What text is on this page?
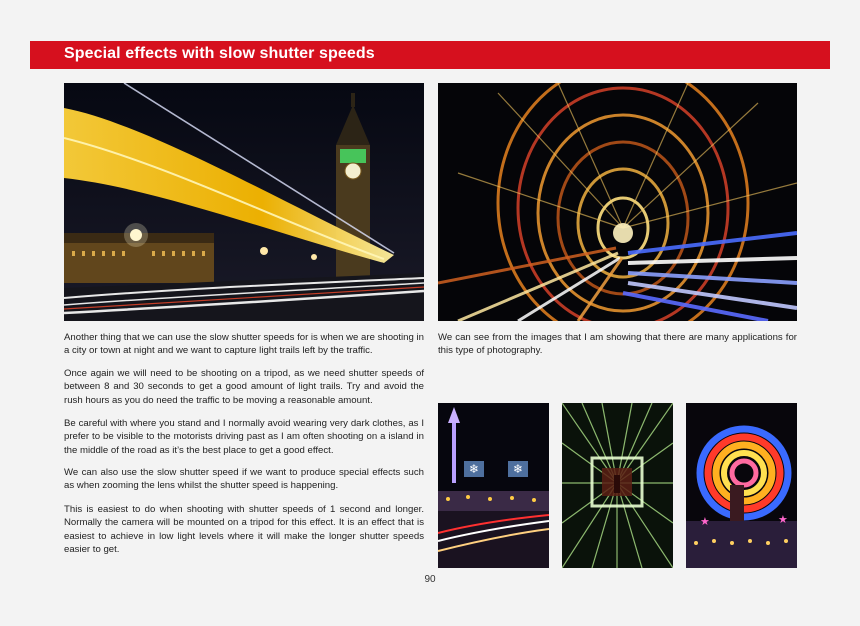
Special effects with slow shutter speeds

Another thing that we can use the slow shutter speeds for is when we are shooting in a city or town at night and we want to capture light trails left by the traffic.

Once again we will need to be shooting on a tripod, as we need shutter speeds of between 8 and 30 seconds to get a good amount of light trails. Try and avoid the rush hours as you do need the traffic to be moving a reasonable amount.

Be careful with where you stand and I normally avoid wearing very dark clothes, as I prefer to be visible to the motorists driving past as I am often shooting on a island in the middle of the road as it’s the best place to get a good effect.

We can also use the slow shutter speed if we want to produce special effects such as when zooming the lens whilst the shutter speed is happening.

This is easiest to do when shooting with shutter speeds of 1 second and longer. Normally the camera will be mounted on a tripod for this effect. It is an effect that is easiest to achieve in low light levels where it will make the longer shutter speeds easier to get.

We can see from the images that I am showing that there are many applications for this type of photography.

❄	❄
★	★
90
